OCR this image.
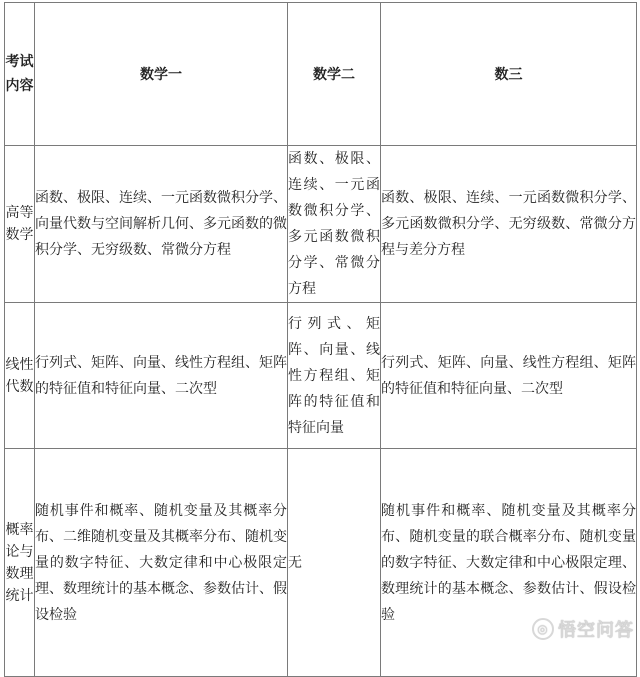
考试内容	数学一	数学二	数三

高等数学	函数、极限、连续、一元函数微积分学、向量代数与空间解析几何、多元函数的微积分学、无穷级数、常微分方程	函数、极限、连续、一元函数微积分学、多元函数微积分学、常微分方程	函数、极限、连续、一元函数微积分学、多元函数微积分学、无穷级数、常微分方程与差分方程

线性代数	行列式、矩阵、向量、线性方程组、矩阵的特征值和特征向量、二次型	行列式、矩阵、向量、线性方程组、矩阵的特征值和特征向量	行列式、矩阵、向量、线性方程组、矩阵的特征值和特征向量、二次型

概率论与数理统计	随机事件和概率、随机变量及其概率分布、二维随机变量及其概率分布、随机变量的数字特征、大数定律和中心极限定理、数理统计的基本概念、参数估计、假设检验	无	随机事件和概率、随机变量及其概率分布、随机变量的联合概率分布、随机变量的数字特征、大数定律和中心极限定理、数理统计的基本概念、参数估计、假设检验
◎ 悟空问答
